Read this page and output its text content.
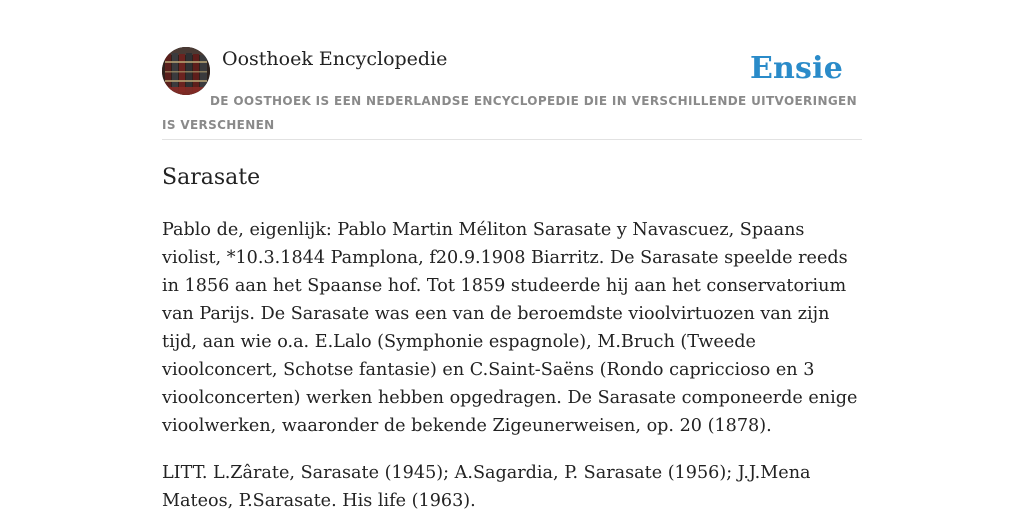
Oosthoek Encyclopedie	Ensie
DE OOSTHOEK IS EEN NEDERLANDSE ENCYCLOPEDIE DIE IN VERSCHILLENDE UITVOERINGEN IS VERSCHENEN
Sarasate

Pablo de, eigenlijk: Pablo Martin Méliton Sarasate y Navascuez, Spaans violist, *10.3.1844 Pamplona, f20.9.1908 Biarritz. De Sarasate speelde reeds in 1856 aan het Spaanse hof. Tot 1859 studeerde hij aan het conservatorium van Parijs. De Sarasate was een van de beroemdste vioolvirtuozen van zijn tijd, aan wie o.a. E.Lalo (Symphonie espagnole), M.Bruch (Tweede vioolconcert, Schotse fantasie) en C.Saint-Saëns (Rondo capriccioso en 3 vioolconcerten) werken hebben opgedragen. De Sarasate componeerde enige vioolwerken, waaronder de bekende Zigeunerweisen, op. 20 (1878).

LITT. L.Zârate, Sarasate (1945); A.Sagardia, P. Sarasate (1956); J.J.Mena Mateos, P.Sarasate. His life (1963).
